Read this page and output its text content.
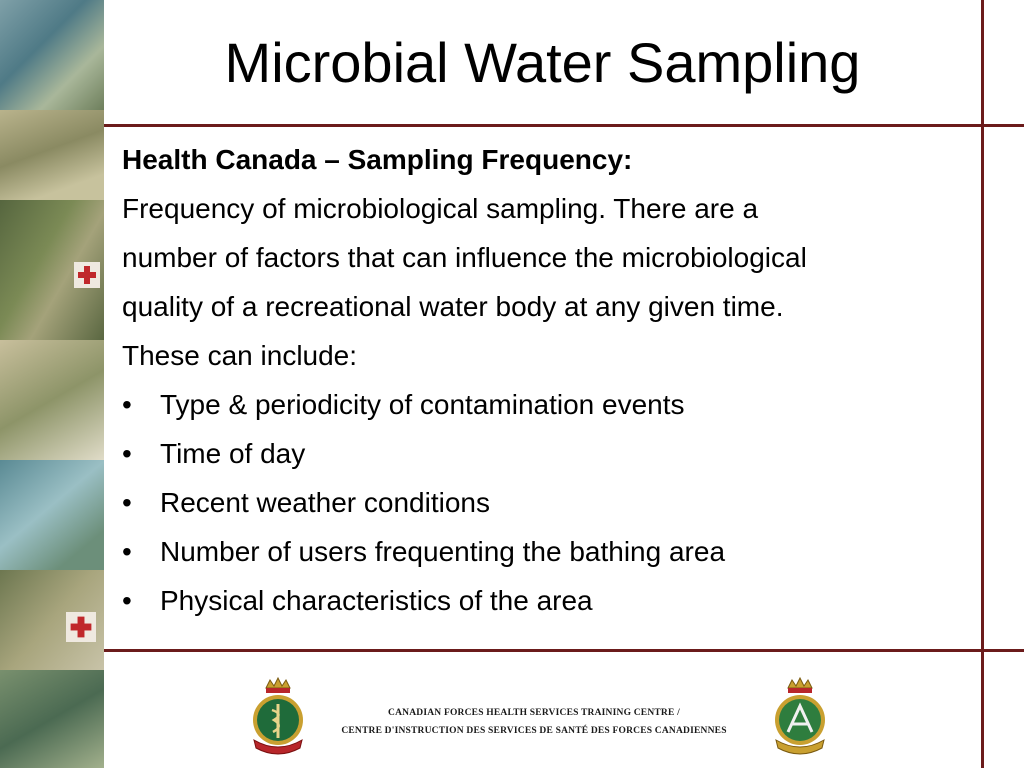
Microbial Water Sampling
Health Canada – Sampling Frequency:
Frequency of microbiological sampling. There are a
number of factors that can influence the microbiological
quality of a recreational water body at any given time.
These can include:
• Type & periodicity of contamination events
• Time of day
• Recent weather conditions
• Number of users frequenting the bathing area
• Physical characteristics of the area
CANADIAN FORCES HEALTH SERVICES TRAINING CENTRE /
CENTRE D'INSTRUCTION DES SERVICES DE SANTÉ DES FORCES CANADIENNES
